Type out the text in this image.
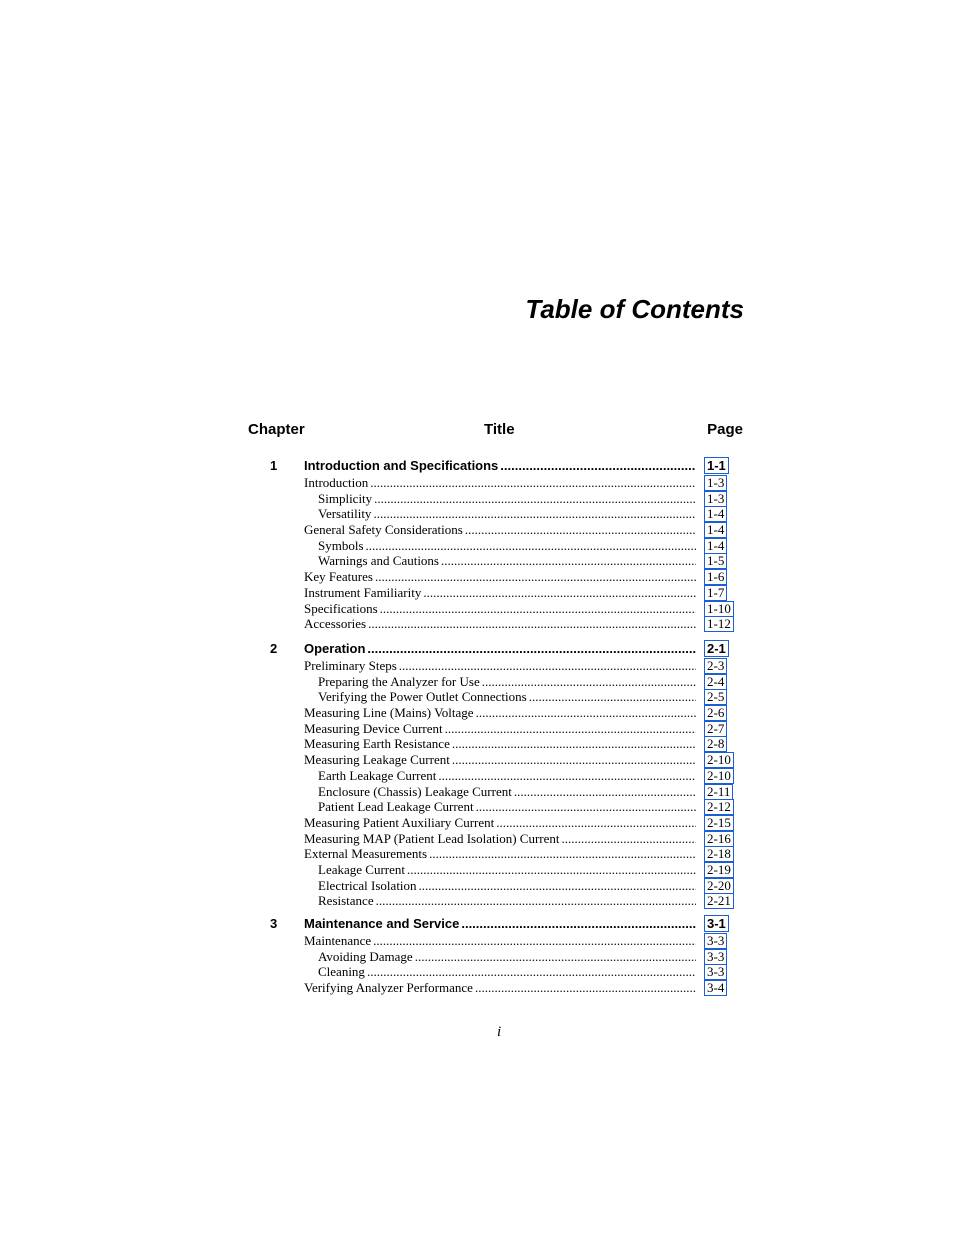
Table of Contents
Chapter	Title	Page
1 Introduction and Specifications .....	1-1
Introduction .....	1-3
Simplicity .....	1-3
Versatility .....	1-4
General Safety Considerations .....	1-4
Symbols .....	1-4
Warnings and Cautions .....	1-5
Key Features .....	1-6
Instrument Familiarity .....	1-7
Specifications .....	1-10
Accessories .....	1-12
2 Operation .....	2-1
Preliminary Steps .....	2-3
Preparing the Analyzer for Use .....	2-4
Verifying the Power Outlet Connections .....	2-5
Measuring Line (Mains) Voltage .....	2-6
Measuring Device Current .....	2-7
Measuring Earth Resistance .....	2-8
Measuring Leakage Current .....	2-10
Earth Leakage Current .....	2-10
Enclosure (Chassis) Leakage Current .....	2-11
Patient Lead Leakage Current .....	2-12
Measuring Patient Auxiliary Current .....	2-15
Measuring MAP (Patient Lead Isolation) Current .....	2-16
External Measurements .....	2-18
Leakage Current .....	2-19
Electrical Isolation .....	2-20
Resistance .....	2-21
3 Maintenance and Service .....	3-1
Maintenance .....	3-3
Avoiding Damage .....	3-3
Cleaning .....	3-3
Verifying Analyzer Performance .....	3-4
i
